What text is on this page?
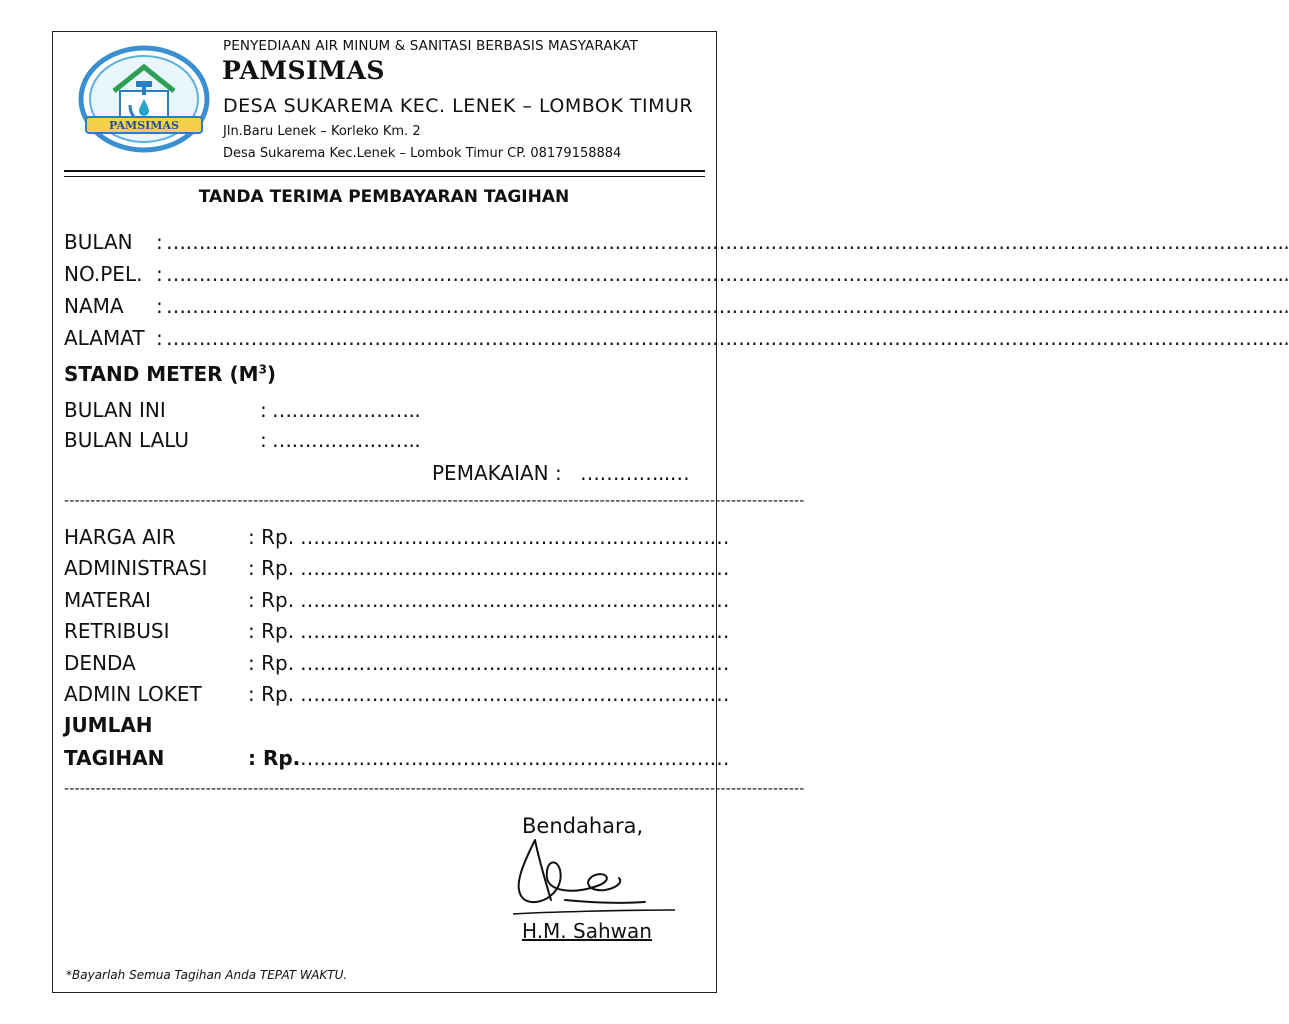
PAMSIMAS
PENYEDIAAN AIR MINUM & SANITASI BERBASIS MASYARAKAT
PAMSIMAS
DESA SUKAREMA KEC. LENEK – LOMBOK TIMUR
Jln.Baru Lenek – Korleko Km. 2
Desa Sukarema Kec.Lenek – Lombok Timur CP. 08179158884
TANDA TERIMA PEMBAYARAN TAGIHAN
BULAN : ………………………………………………………………………………………………………………………………………………………..
NO.PEL. : ………………………………………………………………………………………………………………………………………………………..
NAMA : ………………………………………………………………………………………………………………………………………………………..
ALAMAT : ………………………………………………………………………………………………………………………………………………………..
STAND METER $(M^3)$
BULAN INI	: …………………..
BULAN LALU	: …………………..
PEMAKAIAN : …………..…
---------------------------------------------------------------------------------------------------------------------------------------------
HARGA AIR	: Rp. …………………………………………………………
ADMINISTRASI : Rp. …………………………………………………………
MATERAI	: Rp. …………………………………………………………
RETRIBUSI	: Rp. …………………………………………………………
DENDA	: Rp. …………………………………………………………
ADMIN LOKET : Rp. …………………………………………………………
JUMLAH
TAGIHAN	: Rp. …………………………………………………………
---------------------------------------------------------------------------------------------------------------------------------------------
Bendahara,
H.M. Sahwan
*Bayarlah Semua Tagihan Anda TEPAT WAKTU.
